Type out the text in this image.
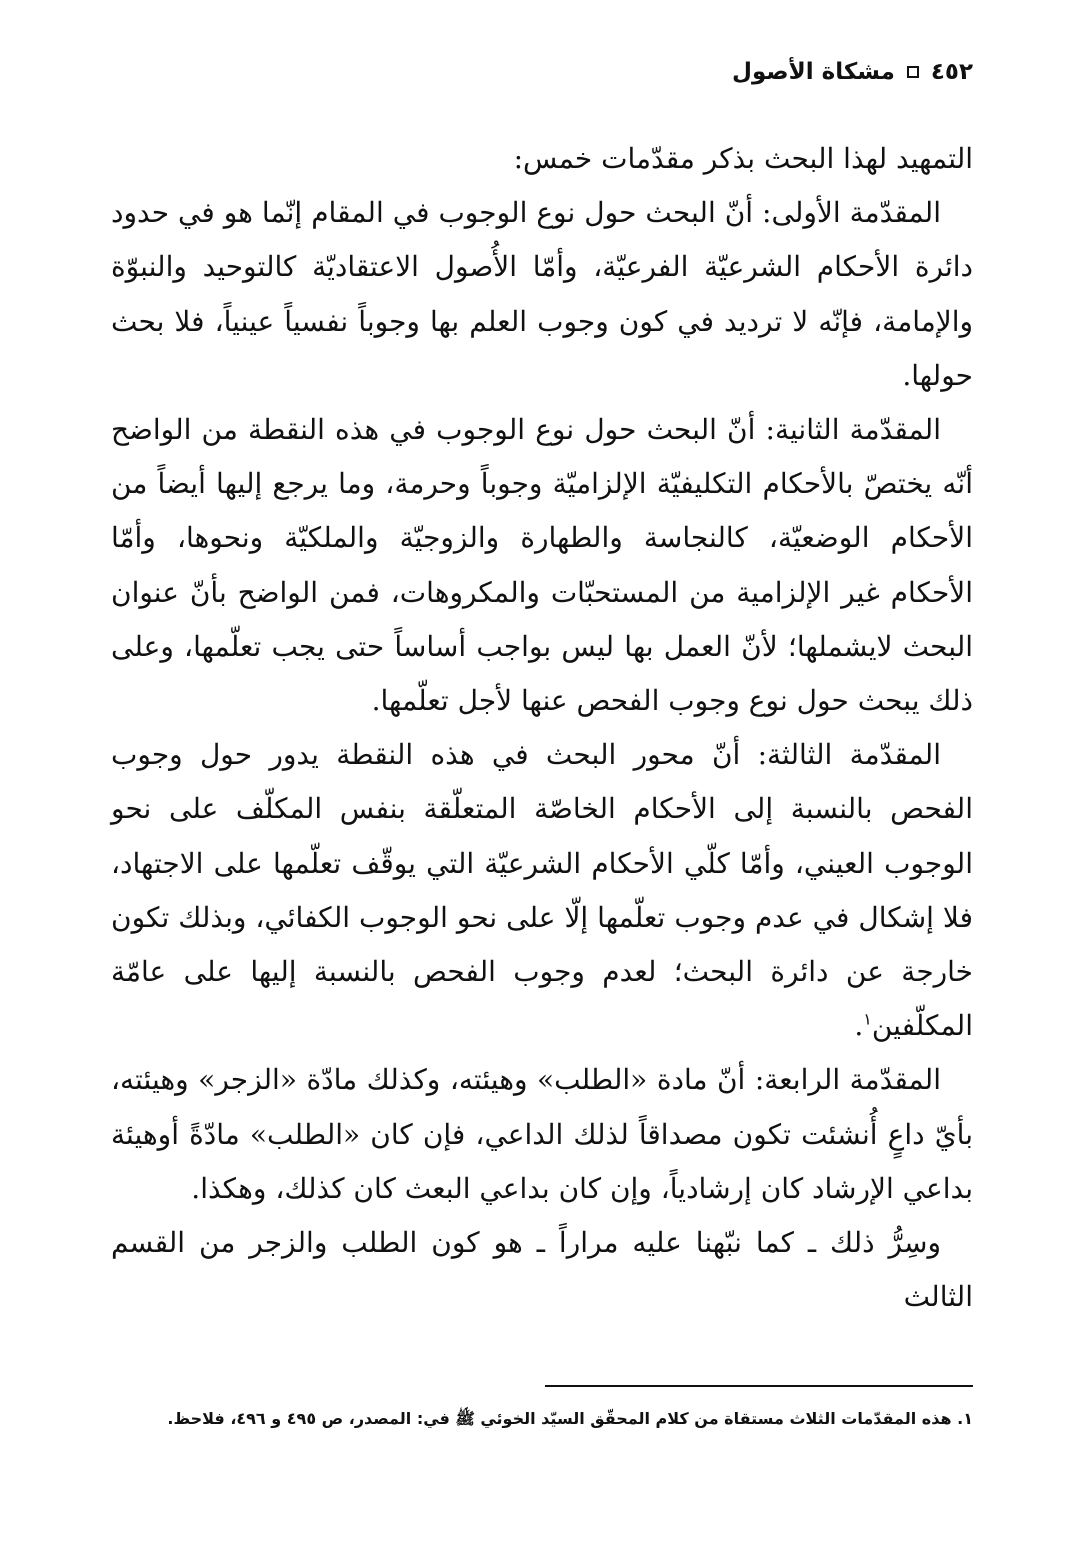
٤٥٢
مشكاة الأصول

التمهيد لهذا البحث بذكر مقدّمات خمس:

المقدّمة الأولى: أنّ البحث حول نوع الوجوب في المقام إنّما هو في حدود دائرة الأحكام الشرعيّة الفرعيّة، وأمّا الأُصول الاعتقاديّة كالتوحيد والنبوّة والإمامة، فإنّه لا ترديد في كون وجوب العلم بها وجوباً نفسياً عينياً، فلا بحث حولها.

المقدّمة الثانية: أنّ البحث حول نوع الوجوب في هذه النقطة من الواضح أنّه يختصّ بالأحكام التكليفيّة الإلزاميّة وجوباً وحرمة، وما يرجع إليها أيضاً من الأحكام الوضعيّة، كالنجاسة والطهارة والزوجيّة والملكيّة ونحوها، وأمّا الأحكام غير الإلزامية من المستحبّات والمكروهات، فمن الواضح بأنّ عنوان البحث لايشملها؛ لأنّ العمل بها ليس بواجب أساساً حتى يجب تعلّمها، وعلى ذلك يبحث حول نوع وجوب الفحص عنها لأجل تعلّمها.

المقدّمة الثالثة: أنّ محور البحث في هذه النقطة يدور حول وجوب الفحص بالنسبة إلى الأحكام الخاصّة المتعلّقة بنفس المكلّف على نحو الوجوب العيني، وأمّا كلّي الأحكام الشرعيّة التي يوقّف تعلّمها على الاجتهاد، فلا إشكال في عدم وجوب تعلّمها إلّا على نحو الوجوب الكفائي، وبذلك تكون خارجة عن دائرة البحث؛ لعدم وجوب الفحص بالنسبة إليها على عامّة المكلّفين$^١$.

المقدّمة الرابعة: أنّ مادة «الطلب» وهيئته، وكذلك مادّة «الزجر» وهيئته، بأيّ داعٍ أُنشئت تكون مصداقاً لذلك الداعي، فإن كان «الطلب» مادّةً أوهيئة بداعي الإرشاد كان إرشادياً، وإن كان بداعي البعث كان كذلك، وهكذا.

وسِرُّ ذلك ـ كما نبّهنا عليه مراراً ـ هو كون الطلب والزجر من القسم الثالث

١. هذه المقدّمات الثلاث مستقاة من كلام المحقّق السيّد الخوئي ﷺ في: المصدر، ص ٤٩٥ و ٤٩٦، فلاحظ.
